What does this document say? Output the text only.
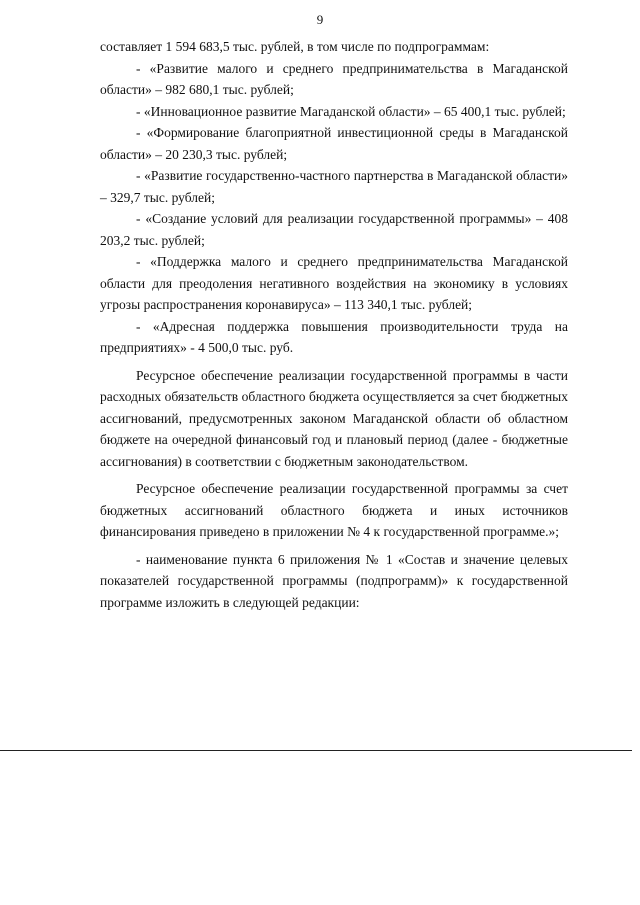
9

составляет 1 594 683,5 тыс. рублей, в том числе по подпрограммам:

- «Развитие малого и среднего предпринимательства в Магаданской области» – 982 680,1 тыс. рублей;

- «Инновационное развитие Магаданской области» – 65 400,1 тыс. рублей;

- «Формирование благоприятной инвестиционной среды в Магаданской области» – 20 230,3 тыс. рублей;

- «Развитие государственно-частного партнерства в Магаданской области» – 329,7 тыс. рублей;

- «Создание условий для реализации государственной программы» – 408 203,2 тыс. рублей;

- «Поддержка малого и среднего предпринимательства Магаданской области для преодоления негативного воздействия на экономику в условиях угрозы распространения коронавируса» – 113 340,1 тыс. рублей;

- «Адресная поддержка повышения производительности труда на предприятиях» - 4 500,0 тыс. руб.

Ресурсное обеспечение реализации государственной программы в части расходных обязательств областного бюджета осуществляется за счет бюджетных ассигнований, предусмотренных законом Магаданской области об областном бюджете на очередной финансовый год и плановый период (далее - бюджетные ассигнования) в соответствии с бюджетным законодательством.

Ресурсное обеспечение реализации государственной программы за счет бюджетных ассигнований областного бюджета и иных источников финансирования приведено в приложении № 4 к государственной программе.»;

- наименование пункта 6 приложения № 1 «Состав и значение целевых показателей государственной программы (подпрограмм)» к государственной программе изложить в следующей редакции:
